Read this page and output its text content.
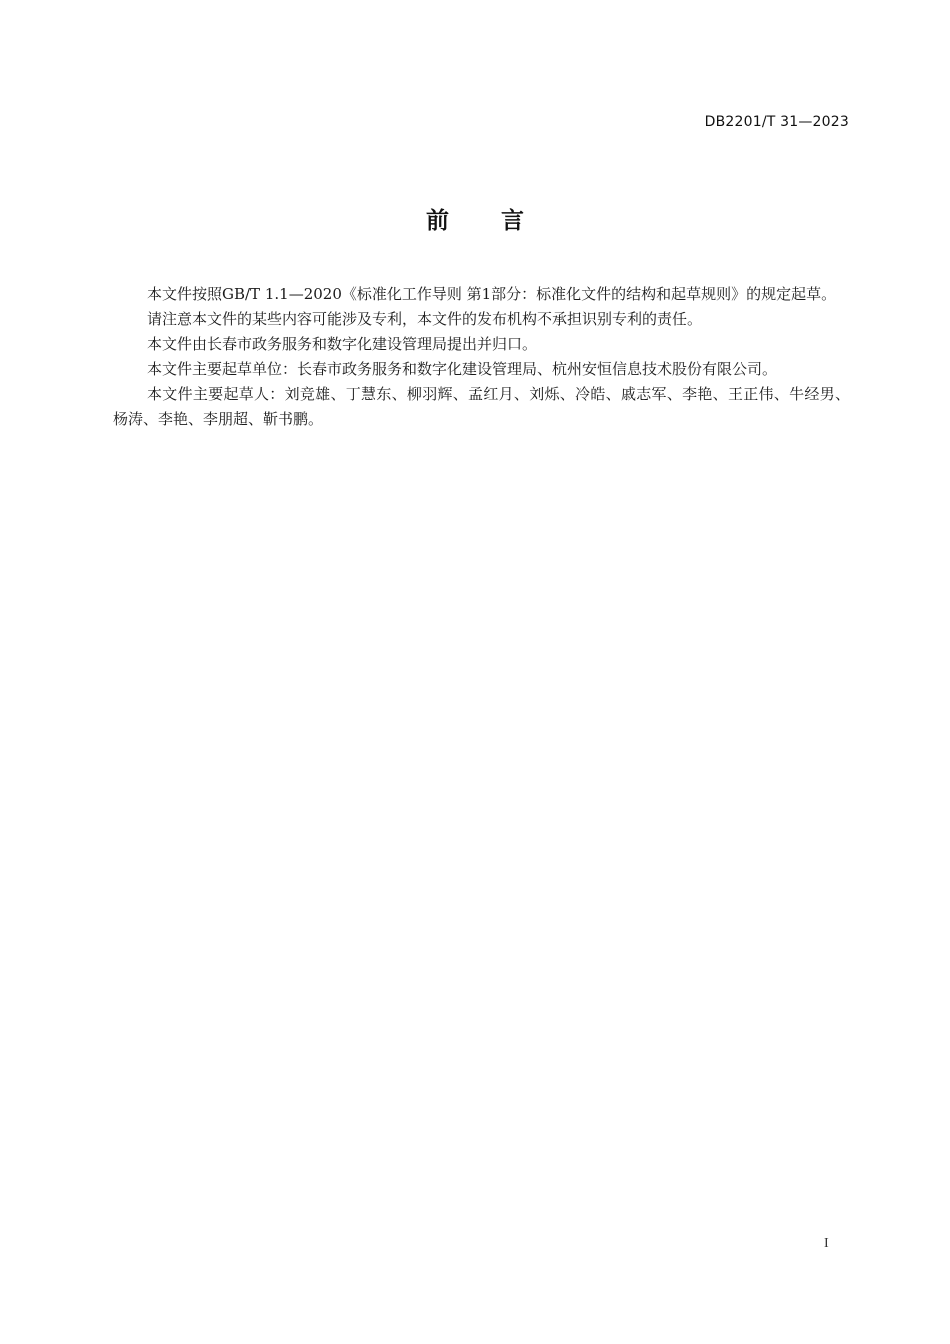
DB2201/T 31—2023
前 言

本文件按照GB/T 1.1—2020《标准化工作导则 第1部分：标准化文件的结构和起草规则》的规定起草。

请注意本文件的某些内容可能涉及专利，本文件的发布机构不承担识别专利的责任。

本文件由长春市政务服务和数字化建设管理局提出并归口。

本文件主要起草单位：长春市政务服务和数字化建设管理局、杭州安恒信息技术股份有限公司。

本文件主要起草人：刘竞雄、丁慧东、柳羽辉、孟红月、刘烁、冷皓、戚志军、李艳、王正伟、牛经男、杨涛、李艳、李朋超、靳书鹏。

I
